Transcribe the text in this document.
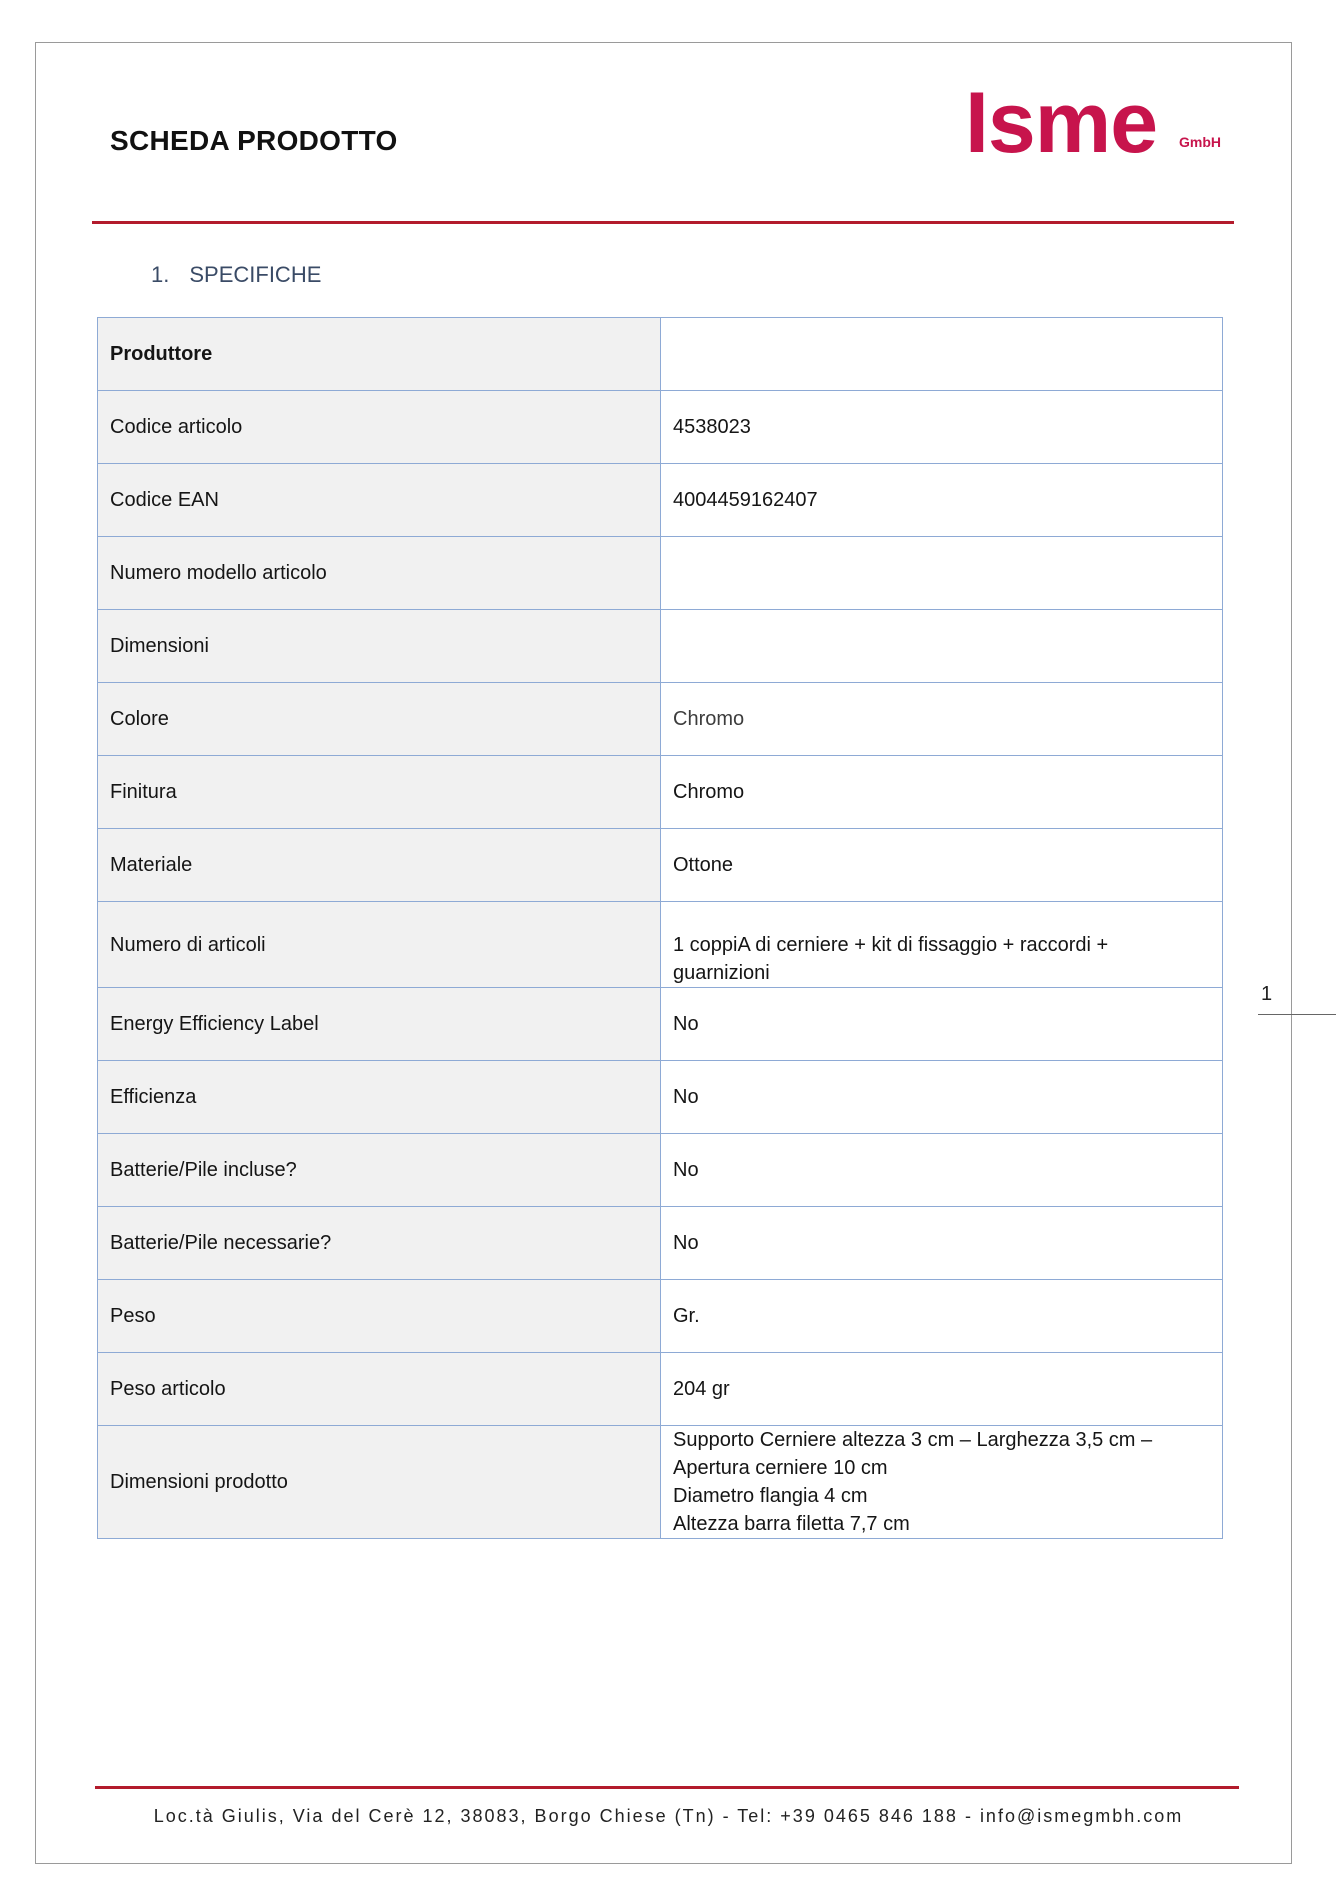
SCHEDA PRODOTTO	Isme GmbH
1. SPECIFICHE
Produttore	
Codice articolo	4538023
Codice EAN	4004459162407
Numero modello articolo	
Dimensioni	
Colore	Chromo
Finitura	Chromo
Materiale	Ottone
Numero di articoli	1 coppiA di cerniere + kit di fissaggio + raccordi + guarnizioni
Energy Efficiency Label	No
Efficienza	No
Batterie/Pile incluse?	No
Batterie/Pile necessarie?	No
Peso	Gr.
Peso articolo	204 gr
Dimensioni prodotto	Supporto Cerniere altezza 3 cm – Larghezza 3,5 cm –
Apertura cerniere 10 cm
Diametro flangia 4 cm
Altezza barra filetta 7,7 cm
1
Loc.tà Giulis, Via del Cerè 12, 38083, Borgo Chiese (Tn) - Tel: +39 0465 846 188 - info@ismegmbh.com
